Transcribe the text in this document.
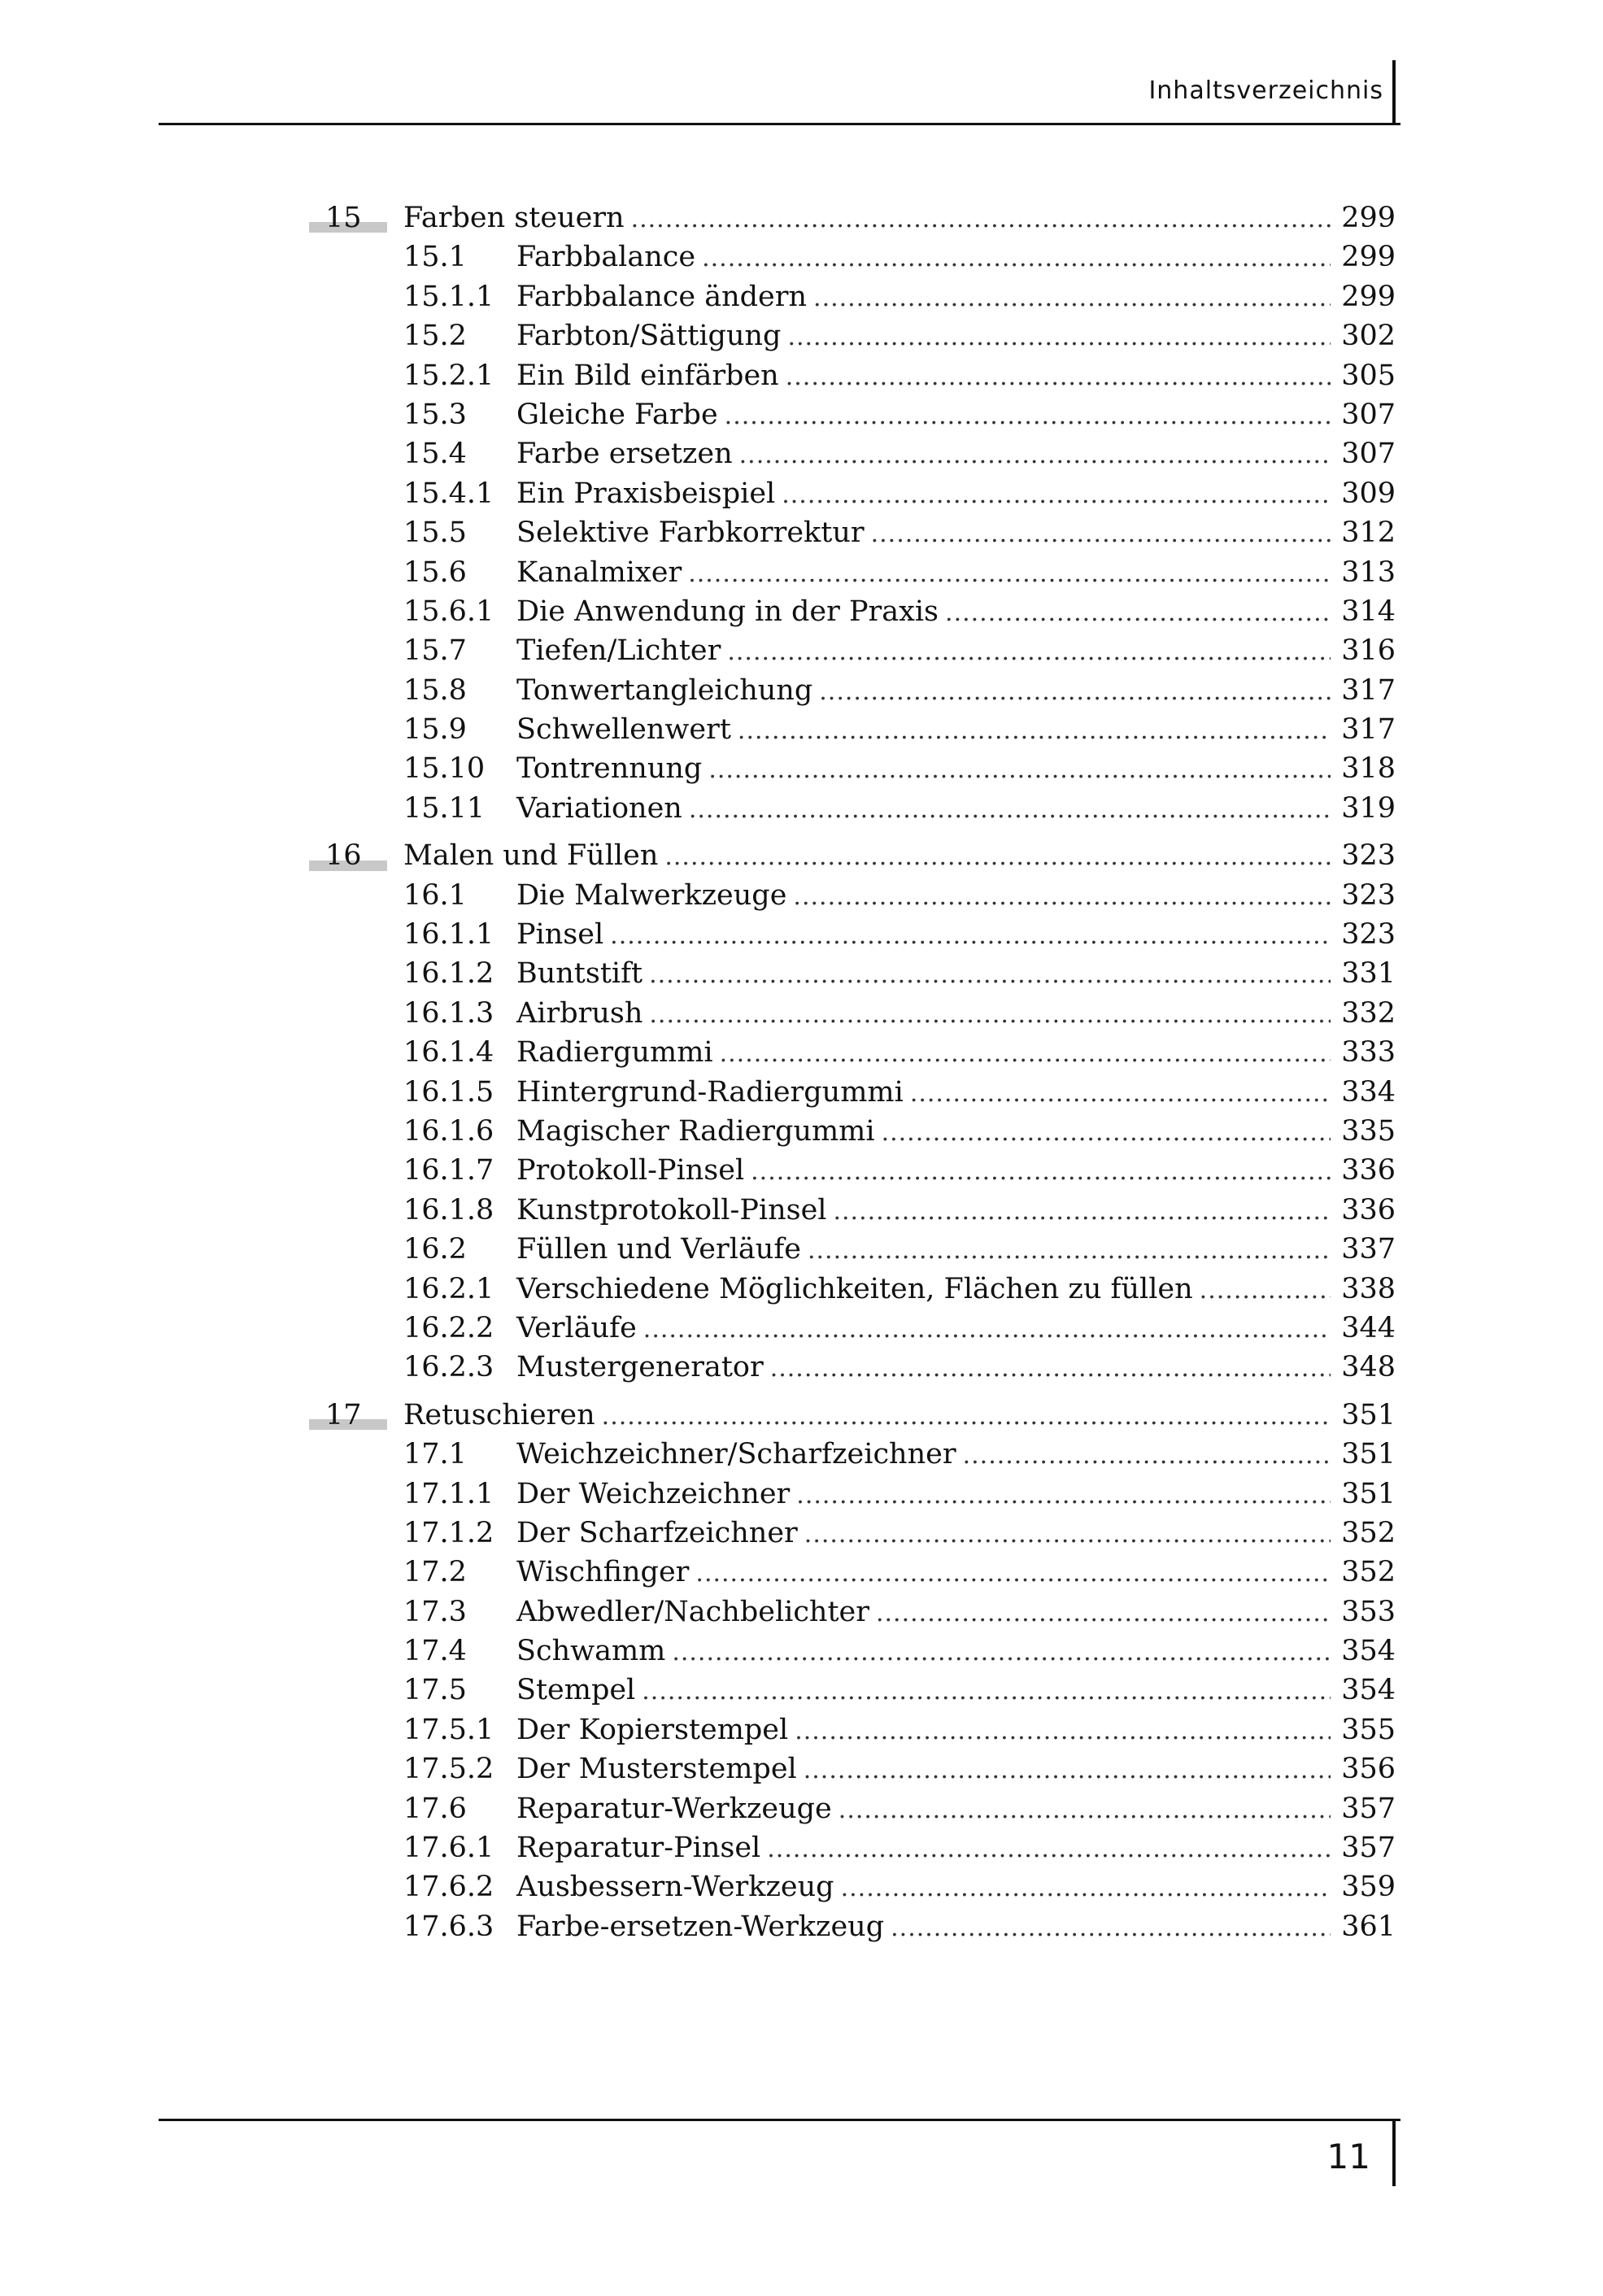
Inhaltsverzeichnis
15 Farben steuern .....	299
15.1	Farbbalance .....	299
15.1.1 Farbbalance ändern .....	299
15.2	Farbton/Sättigung .....	302
15.2.1 Ein Bild einfärben .....	305
15.3	Gleiche Farbe .....	307
15.4	Farbe ersetzen .....	307
15.4.1 Ein Praxisbeispiel .....	309
15.5	Selektive Farbkorrektur .....	312
15.6	Kanalmixer .....	313
15.6.1 Die Anwendung in der Praxis .....	314
15.7	Tiefen/Lichter .....	316
15.8	Tonwertangleichung .....	317
15.9	Schwellenwert .....	317
15.10	Tontrennung .....	318
15.11	Variationen .....	319
16 Malen und Füllen .....	323
16.1	Die Malwerkzeuge .....	323
16.1.1 Pinsel .....	323
16.1.2 Buntstift .....	331
16.1.3 Airbrush .....	332
16.1.4 Radiergummi .....	333
16.1.5 Hintergrund-Radiergummi .....	334
16.1.6 Magischer Radiergummi .....	335
16.1.7 Protokoll-Pinsel .....	336
16.1.8 Kunstprotokoll-Pinsel .....	336
16.2	Füllen und Verläufe .....	337
16.2.1 Verschiedene Möglichkeiten, Flächen zu füllen .....	338
16.2.2 Verläufe .....	344
16.2.3 Mustergenerator .....	348
17 Retuschieren .....	351
17.1	Weichzeichner/Scharfzeichner .....	351
17.1.1 Der Weichzeichner .....	351
17.1.2 Der Scharfzeichner .....	352
17.2	Wischfinger .....	352
17.3	Abwedler/Nachbelichter .....	353
17.4	Schwamm .....	354
17.5	Stempel .....	354
17.5.1 Der Kopierstempel .....	355
17.5.2 Der Musterstempel .....	356
17.6	Reparatur-Werkzeuge .....	357
17.6.1 Reparatur-Pinsel .....	357
17.6.2 Ausbessern-Werkzeug .....	359
17.6.3 Farbe-ersetzen-Werkzeug .....	361
11
